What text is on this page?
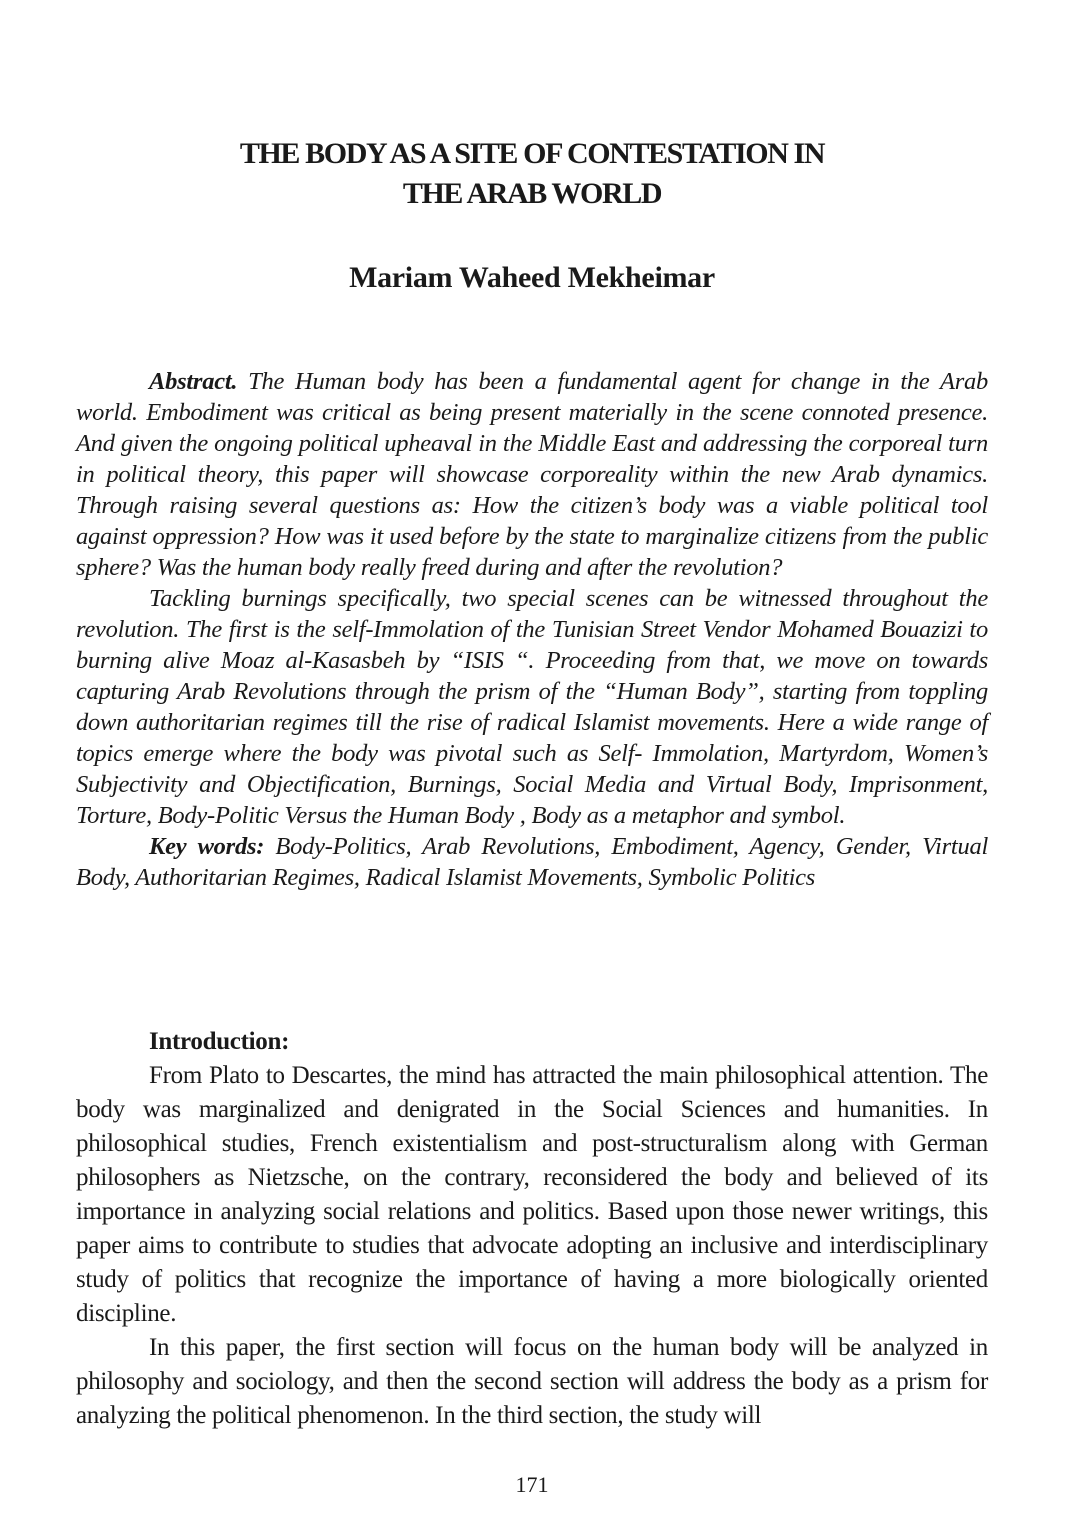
THE BODY AS A SITE OF CONTESTATION IN
THE ARAB WORLD
Mariam Waheed Mekheimar

Abstract. The Human body has been a fundamental agent for change in the Arab world. Embodiment was critical as being present materially in the scene connoted presence. And given the ongoing political upheaval in the Middle East and addressing the corporeal turn in political theory, this paper will showcase corporeality within the new Arab dynamics. Through raising several questions as: How the citizen’s body was a viable political tool against oppression? How was it used before by the state to marginalize citizens from the public sphere? Was the human body really freed during and after the revolution?

Tackling burnings specifically, two special scenes can be witnessed throughout the revolution. The first is the self-Immolation of the Tunisian Street Vendor Mohamed Bouazizi to burning alive Moaz al-Kasasbeh by “ISIS “. Proceeding from that, we move on towards capturing Arab Revolutions through the prism of the “Human Body”, starting from toppling down authoritarian regimes till the rise of radical Islamist movements. Here a wide range of topics emerge where the body was pivotal such as Self- Immolation, Martyrdom, Women’s Subjectivity and Objectification, Burnings, Social Media and Virtual Body, Imprisonment, Torture, Body-Politic Versus the Human Body , Body as a metaphor and symbol.

Key words: Body-Politics, Arab Revolutions, Embodiment, Agency, Gender, Virtual Body, Authoritarian Regimes, Radical Islamist Movements, Symbolic Politics

Introduction:

From Plato to Descartes, the mind has attracted the main philosophical attention. The body was marginalized and denigrated in the Social Sciences and humanities. In philosophical studies, French existentialism and post-structuralism along with German philosophers as Nietzsche, on the contrary, reconsidered the body and believed of its importance in analyzing social relations and politics. Based upon those newer writings, this paper aims to contribute to studies that advocate adopting an inclusive and interdisciplinary study of politics that recognize the importance of having a more biologically oriented discipline.

In this paper, the first section will focus on the human body will be analyzed in philosophy and sociology, and then the second section will address the body as a prism for analyzing the political phenomenon. In the third section, the study will

171
